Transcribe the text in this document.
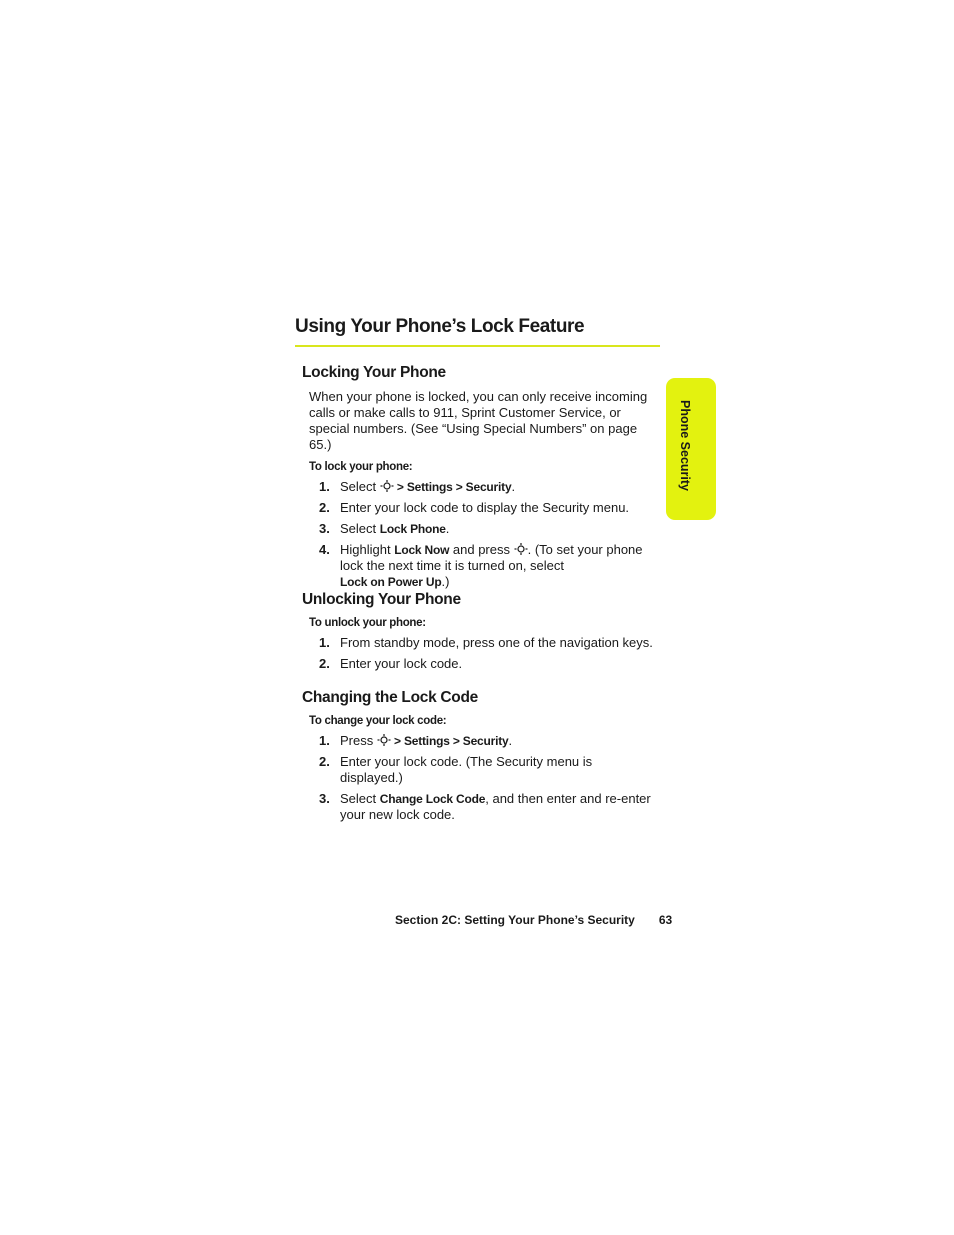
Using Your Phone’s Lock Feature
Phone Security
Locking Your Phone

When your phone is locked, you can only receive incoming calls or make calls to 911, Sprint Customer Service, or special numbers. (See “Using Special Numbers” on page 65.)

To lock your phone:
1. Select  > Settings > Security.
2. Enter your lock code to display the Security menu.
3. Select Lock Phone.
4. Highlight Lock Now and press . (To set your phone lock the next time it is turned on, select
Lock on Power Up.)
Unlocking Your Phone
To unlock your phone:
1. From standby mode, press one of the navigation keys.
2. Enter your lock code.
Changing the Lock Code
To change your lock code:
1. Press  > Settings > Security.
2. Enter your lock code. (The Security menu is displayed.)
3. Select Change Lock Code, and then enter and re-enter your new lock code.
Section 2C: Setting Your Phone’s Security 63
